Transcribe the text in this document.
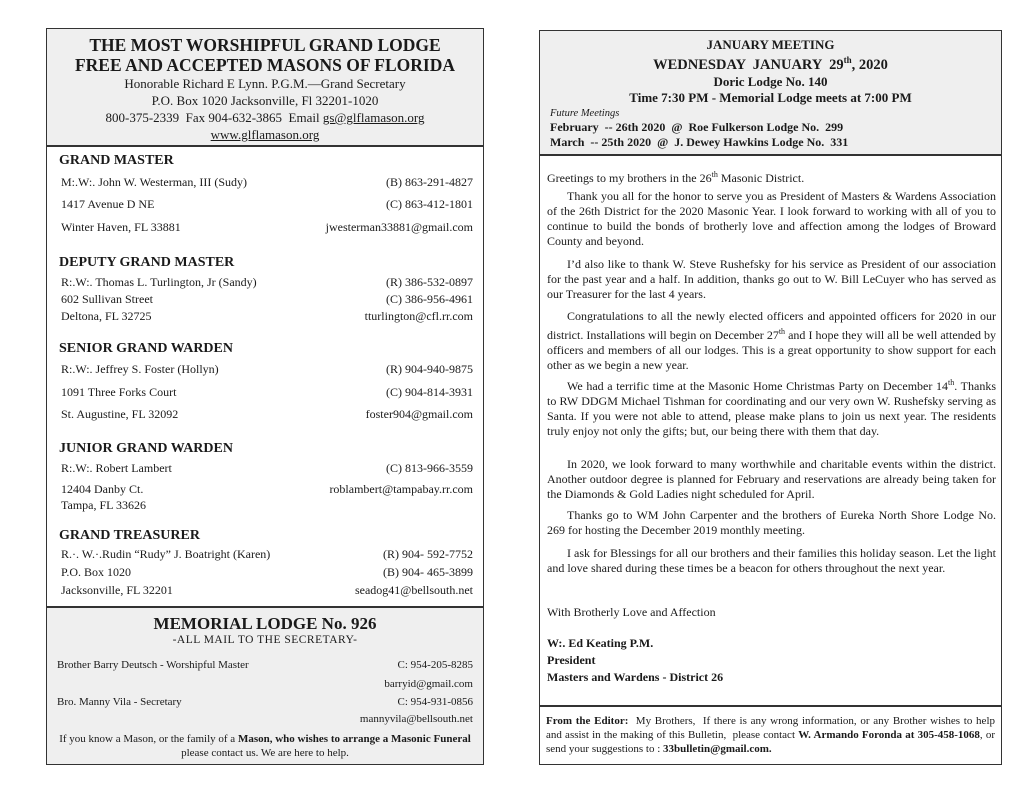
THE MOST WORSHIPFUL GRAND LODGE
FREE AND ACCEPTED MASONS OF FLORIDA
Honorable Richard E Lynn. P.G.M.—Grand Secretary
P.O. Box 1020 Jacksonville, Fl 32201-1020
800-375-2339  Fax 904-632-3865  Email gs@glflamason.org
www.glflamason.org
GRAND MASTER
M:.W:. John W. Westerman, III (Sudy)	(B) 863-291-4827
1417 Avenue D NE	(C) 863-412-1801
Winter Haven, FL 33881	jwesterman33881@gmail.com
DEPUTY GRAND MASTER
R:.W:. Thomas L. Turlington, Jr (Sandy)	(R) 386-532-0897
602 Sullivan Street	(C) 386-956-4961
Deltona, FL 32725	tturlington@cfl.rr.com
SENIOR GRAND WARDEN
R:.W:. Jeffrey S. Foster (Hollyn)	(R) 904-940-9875
1091 Three Forks Court	(C) 904-814-3931
St. Augustine, FL 32092	foster904@gmail.com
JUNIOR GRAND WARDEN
R:.W:. Robert Lambert	(C) 813-966-3559
12404 Danby Ct.	roblambert@tampabay.rr.com
Tampa, FL 33626
GRAND TREASURER
R.·. W.·.Rudin “Rudy” J. Boatright (Karen)	(R) 904- 592-7752
P.O. Box 1020	(B) 904- 465-3899
Jacksonville, FL 32201	seadog41@bellsouth.net
MEMORIAL LODGE No. 926
-ALL MAIL TO THE SECRETARY-
Brother Barry Deutsch - Worshipful Master	C: 954-205-8285
barryid@gmail.com
Bro. Manny Vila - Secretary	C: 954-931-0856
mannyvila@bellsouth.net
If you know a Mason, or the family of a Mason, who wishes to arrange a Masonic Funeral please contact us. We are here to help.
JANUARY MEETING
WEDNESDAY  JANUARY  29th, 2020
Doric Lodge No. 140
Time 7:30 PM - Memorial Lodge meets at 7:00 PM
Future Meetings
February  -- 26th 2020  @  Roe Fulkerson Lodge No.  299
March  -- 25th 2020  @  J. Dewey Hawkins Lodge No.  331

Greetings to my brothers in the 26th Masonic District.

Thank you all for the honor to serve you as President of Masters & Wardens Association of the 26th District for the 2020 Masonic Year. I look forward to working with all of you to continue to build the bonds of brotherly love and affection among the lodges of Broward County and beyond.

I’d also like to thank W. Steve Rushefsky for his service as President of our association for the past year and a half. In addition, thanks go out to W. Bill LeCuyer who has served as our Treasurer for the last 4 years.

Congratulations to all the newly elected officers and appointed officers for 2020 in our district. Installations will begin on December 27th and I hope they will all be well attended by officers and members of all our lodges. This is a great opportunity to show support for each other as we begin a new year.

We had a terrific time at the Masonic Home Christmas Party on December 14th. Thanks to RW DDGM Michael Tishman for coordinating and our very own W. Rushefsky serving as Santa. If you were not able to attend, please make plans to join us next year. The residents truly enjoy not only the gifts; but, our being there with them that day.

In 2020, we look forward to many worthwhile and charitable events within the district. Another outdoor degree is planned for February and reservations are already being taken for the Diamonds & Gold Ladies night scheduled for April.

Thanks go to WM John Carpenter and the brothers of Eureka North Shore Lodge No. 269 for hosting the December 2019 monthly meeting.

I ask for Blessings for all our brothers and their families this holiday season. Let the light and love shared during these times be a beacon for others throughout the next year.

With Brotherly Love and Affection

W:. Ed Keating P.M.
President
Masters and Wardens - District 26
From the Editor:  My Brothers,  If there is any wrong information, or any Brother wishes to help and assist in the making of this Bulletin,  please contact W. Armando Foronda at 305-458-1068, or send your suggestions to : 33bulletin@gmail.com.
